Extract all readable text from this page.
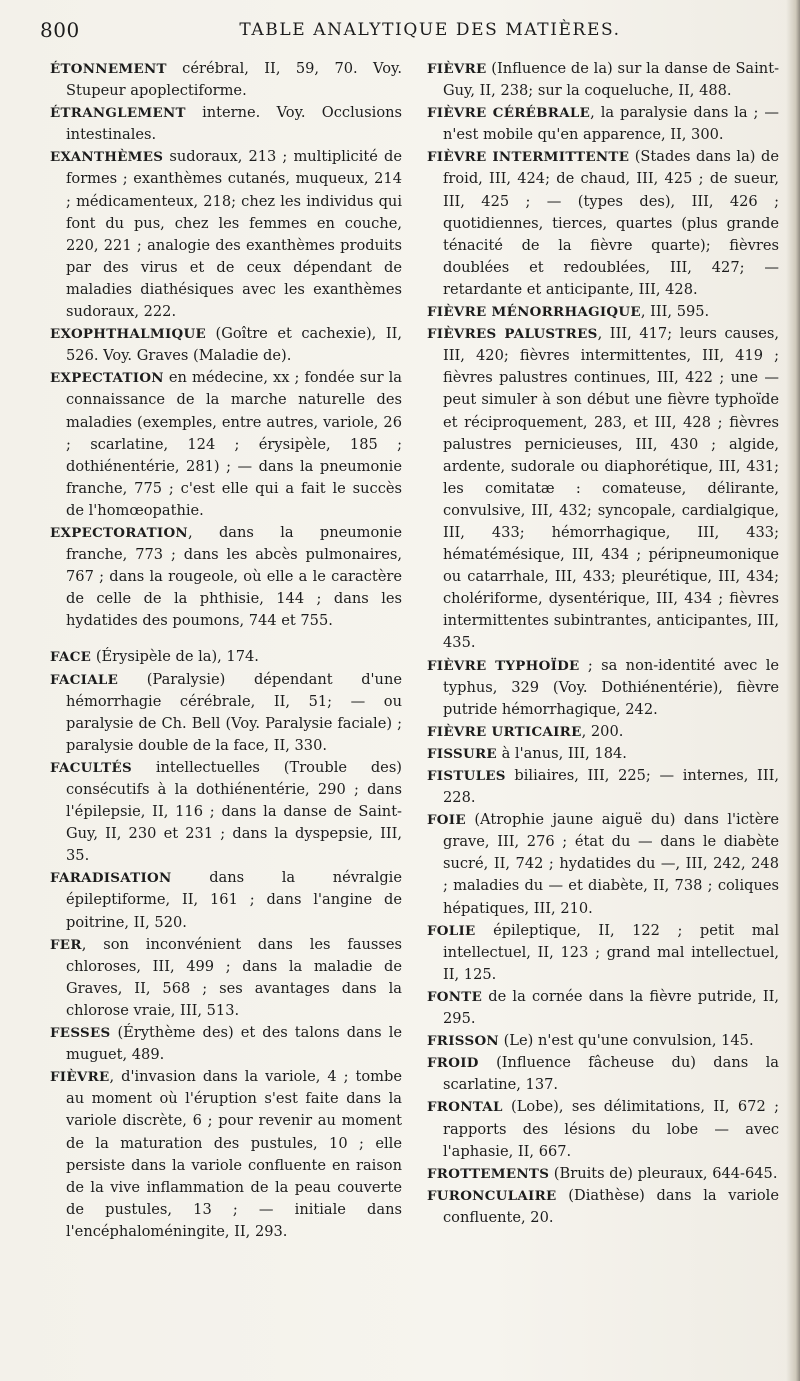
800	TABLE ANALYTIQUE DES MATIÈRES.

ÉTONNEMENT cérébral, II, 59, 70. Voy. Stupeur apoplectiforme.

ÉTRANGLEMENT interne. Voy. Occlusions intestinales.

EXANTHÈMES sudoraux, 213 ; multiplicité de formes ; exanthèmes cutanés, muqueux, 214 ; médicamenteux, 218; chez les individus qui font du pus, chez les femmes en couche, 220, 221 ; analogie des exanthèmes produits par des virus et de ceux dépendant de maladies diathésiques avec les exanthèmes sudoraux, 222.

EXOPHTHALMIQUE (Goître et cachexie), II, 526. Voy. Graves (Maladie de).

EXPECTATION en médecine, xx ; fondée sur la connaissance de la marche naturelle des maladies (exemples, entre autres, variole, 26 ; scarlatine, 124 ; érysipèle, 185 ; dothiénentérie, 281) ; — dans la pneumonie franche, 775 ; c'est elle qui a fait le succès de l'homœopathie.

EXPECTORATION, dans la pneumonie franche, 773 ; dans les abcès pulmonaires, 767 ; dans la rougeole, où elle a le caractère de celle de la phthisie, 144 ; dans les hydatides des poumons, 744 et 755.

FACE (Érysipèle de la), 174.

FACIALE (Paralysie) dépendant d'une hémorrhagie cérébrale, II, 51; — ou paralysie de Ch. Bell (Voy. Paralysie faciale) ; paralysie double de la face, II, 330.

FACULTÉS intellectuelles (Trouble des) consécutifs à la dothiénentérie, 290 ; dans l'épilepsie, II, 116 ; dans la danse de Saint-Guy, II, 230 et 231 ; dans la dyspepsie, III, 35.

FARADISATION dans la névralgie épileptiforme, II, 161 ; dans l'angine de poitrine, II, 520.

FER, son inconvénient dans les fausses chloroses, III, 499 ; dans la maladie de Graves, II, 568 ; ses avantages dans la chlorose vraie, III, 513.

FESSES (Érythème des) et des talons dans le muguet, 489.

FIÈVRE, d'invasion dans la variole, 4 ; tombe au moment où l'éruption s'est faite dans la variole discrète, 6 ; pour revenir au moment de la maturation des pustules, 10 ; elle persiste dans la variole confluente en raison de la vive inflammation de la peau couverte de pustules, 13 ; — initiale dans l'encéphaloméningite, II, 293.

FIÈVRE (Influence de la) sur la danse de Saint-Guy, II, 238; sur la coqueluche, II, 488.

FIÈVRE CÉRÉBRALE, la paralysie dans la ; — n'est mobile qu'en apparence, II, 300.

FIÈVRE INTERMITTENTE (Stades dans la) de froid, III, 424; de chaud, III, 425 ; de sueur, III, 425 ; — (types des), III, 426 ; quotidiennes, tierces, quartes (plus grande ténacité de la fièvre quarte); fièvres doublées et redoublées, III, 427; — retardante et anticipante, III, 428.

FIÈVRE MÉNORRHAGIQUE, III, 595.

FIÈVRES PALUSTRES, III, 417; leurs causes, III, 420; fièvres intermittentes, III, 419 ; fièvres palustres continues, III, 422 ; une — peut simuler à son début une fièvre typhoïde et réciproquement, 283, et III, 428 ; fièvres palustres pernicieuses, III, 430 ; algide, ardente, sudorale ou diaphorétique, III, 431; les comitatæ : comateuse, délirante, convulsive, III, 432; syncopale, cardialgique, III, 433; hémorrhagique, III, 433; hématémésique, III, 434 ; péripneumonique ou catarrhale, III, 433; pleurétique, III, 434; cholériforme, dysentérique, III, 434 ; fièvres intermittentes subintrantes, anticipantes, III, 435.

FIÈVRE TYPHOÏDE ; sa non-identité avec le typhus, 329 (Voy. Dothiénentérie), fièvre putride hémorrhagique, 242.

FIÈVRE URTICAIRE, 200.

FISSURE à l'anus, III, 184.

FISTULES biliaires, III, 225; — internes, III, 228.

FOIE (Atrophie jaune aiguë du) dans l'ictère grave, III, 276 ; état du — dans le diabète sucré, II, 742 ; hydatides du —, III, 242, 248 ; maladies du — et diabète, II, 738 ; coliques hépatiques, III, 210.

FOLIE épileptique, II, 122 ; petit mal intellectuel, II, 123 ; grand mal intellectuel, II, 125.

FONTE de la cornée dans la fièvre putride, II, 295.

FRISSON (Le) n'est qu'une convulsion, 145.

FROID (Influence fâcheuse du) dans la scarlatine, 137.

FRONTAL (Lobe), ses délimitations, II, 672 ; rapports des lésions du lobe — avec l'aphasie, II, 667.

FROTTEMENTS (Bruits de) pleuraux, 644-645.

FURONCULAIRE (Diathèse) dans la variole confluente, 20.
